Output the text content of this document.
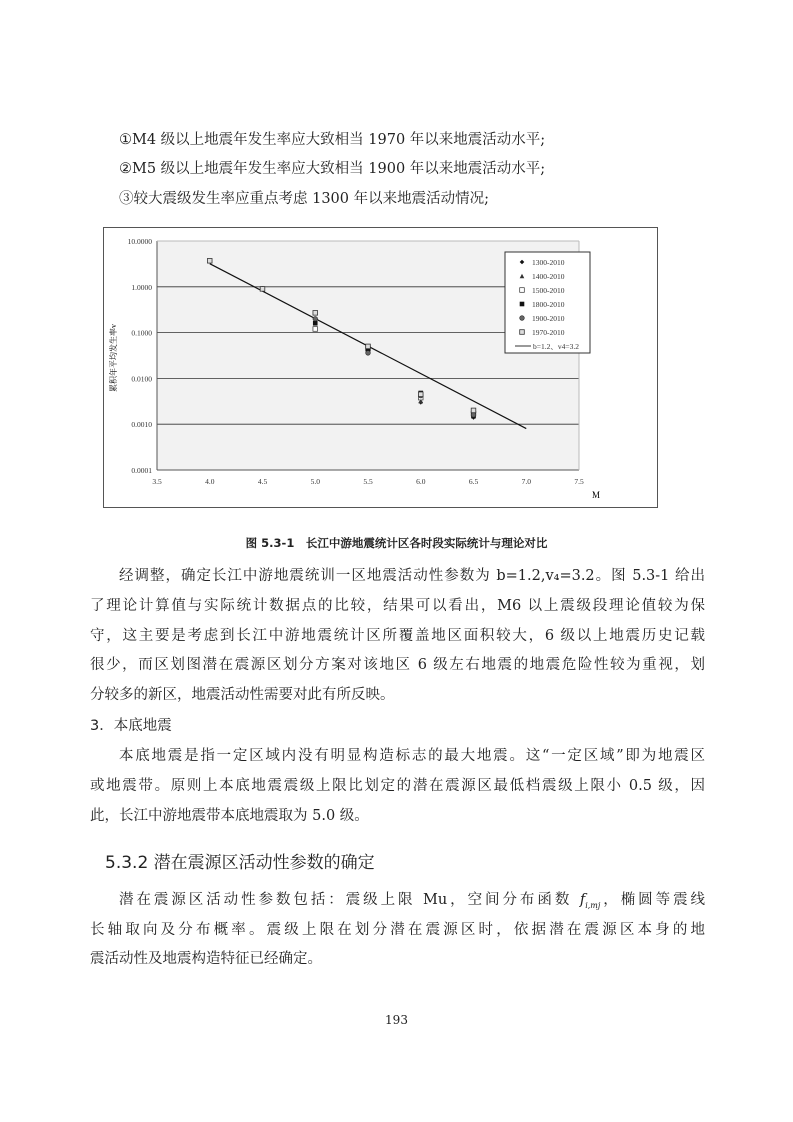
①M4 级以上地震年发生率应大致相当 1970 年以来地震活动水平;
②M5 级以上地震年发生率应大致相当 1900 年以来地震活动水平;
③较大震级发生率应重点考虑 1300 年以来地震活动情况;
10.0000
1.0000
0.1000
0.0100
0.0010
0.0001
3.5	4.0	4.5	5.0	5.5	6.0	6.5	7.0	7.5
累积年平均发生率v
M
1300-2010
1400-2010
1500-2010
1800-2010
1900-2010
1970-2010
b=1.2、v4=3.2
图 5.3-1　长江中游地震统计区各时段实际统计与理论对比
经调整，确定长江中游地震统训一区地震活动性参数为 b=1.2,v₄=3.2。图 5.3-1 给出
了理论计算值与实际统计数据点的比较，结果可以看出，M6 以上震级段理论值较为保
守，这主要是考虑到长江中游地震统计区所覆盖地区面积较大，6 级以上地震历史记载
很少，而区划图潜在震源区划分方案对该地区 6 级左右地震的地震危险性较为重视，划
分较多的新区，地震活动性需要对此有所反映。
3．本底地震
本底地震是指一定区域内没有明显构造标志的最大地震。这“一定区域”即为地震区
或地震带。原则上本底地震震级上限比划定的潜在震源区最低档震级上限小 0.5 级，因
此，长江中游地震带本底地震取为 5.0 级。
5.3.2 潜在震源区活动性参数的确定
潜在震源区活动性参数包括：震级上限 Mu，空间分布函数 $f_{i,mj}$，椭圆等震线
长轴取向及分布概率。震级上限在划分潜在震源区时，依据潜在震源区本身的地
震活动性及地震构造特征已经确定。
193
